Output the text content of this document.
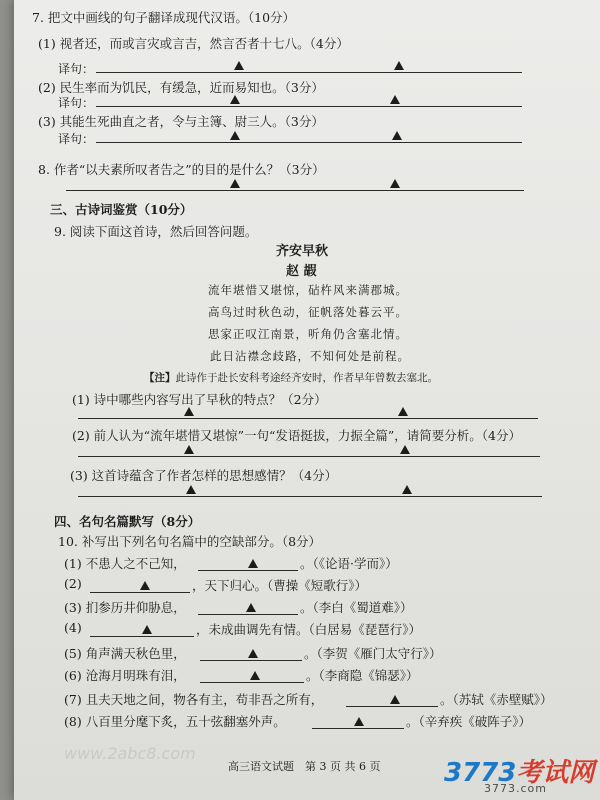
7. 把文中画线的句子翻译成现代汉语。（10分）
(1) 视者还，而或言灾或言吉，然言否者十七八。（4分）
译句：
(2) 民生率而为饥民，有缓急，近而易知也。（3分）
译句：
(3) 其能生死曲直之者，令与主簿、尉三人。（3分）
译句：
8. 作者“以夫素所叹者告之”的目的是什么？（3分）
三、古诗词鉴赏（10分）
9. 阅读下面这首诗，然后回答问题。
齐安早秋
赵 嘏
流年堪惜又堪惊，砧杵风来满郡城。
高鸟过时秋色动，征帆落处暮云平。
思家正叹江南景，听角仍含塞北情。
此日沾襟念歧路，不知何处是前程。
【注】此诗作于赴长安科考途经齐安时，作者早年曾数去塞北。
(1) 诗中哪些内容写出了早秋的特点？（2分）
(2) 前人认为“流年堪惜又堪惊”一句“发语挺拔，力振全篇”，请简要分析。（4分）
(3) 这首诗蕴含了作者怎样的思想感情？（4分）
四、名句名篇默写（8分）
10. 补写出下列名句名篇中的空缺部分。（8分）
(1) 不患人之不己知，	。（《论语·学而》）
(2)	，天下归心。（曹操《短歌行》）
(3) 扪参历井仰胁息，	。（李白《蜀道难》）
(4)	，未成曲调先有情。（白居易《琵琶行》）
(5) 角声满天秋色里，	。（李贺《雁门太守行》）
(6) 沧海月明珠有泪，	。（李商隐《锦瑟》）
(7) 且夫天地之间，物各有主，苟非吾之所有，	。（苏轼《赤壁赋》）
(8) 八百里分麾下炙，五十弦翻塞外声。	。（辛弃疾《破阵子》）
高三语文试题　第 3 页 共 6 页
www.2abc8.com
3773考试网
3773.com
